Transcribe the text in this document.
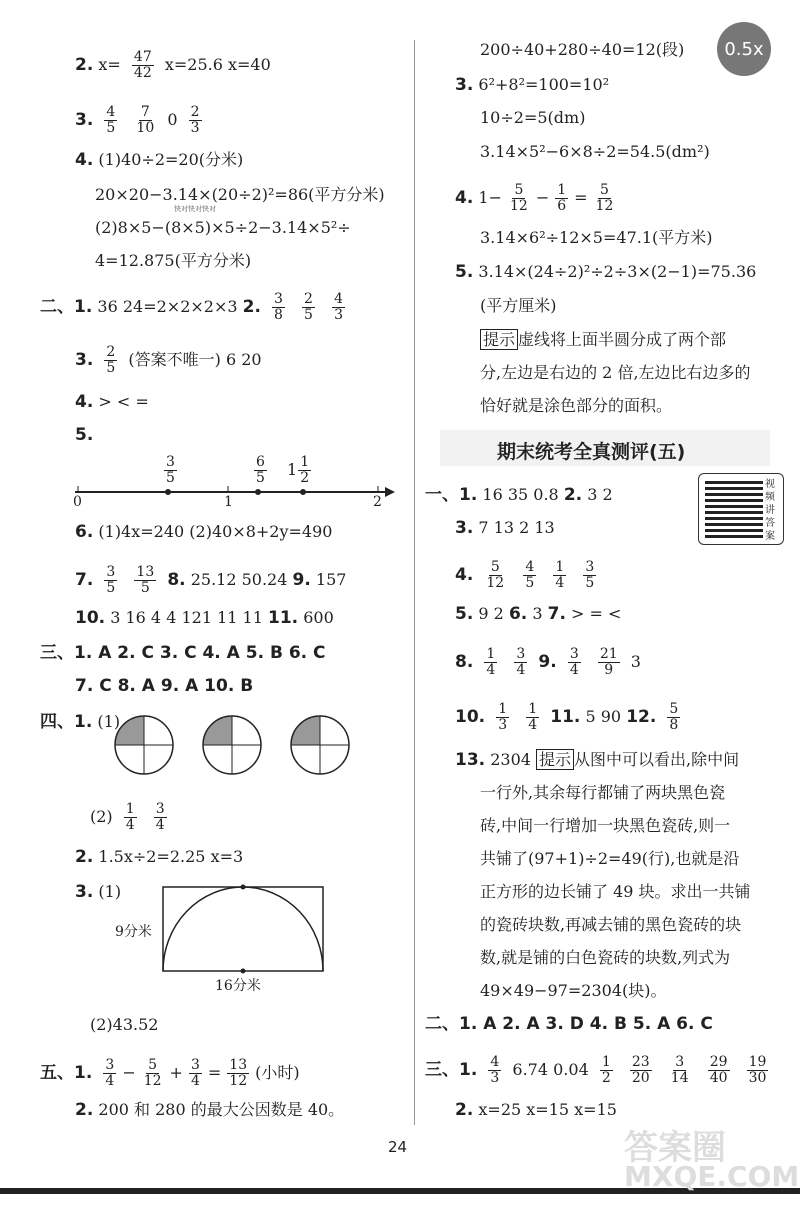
0.5x
2. $x= \frac{47}{42} x=25.6$ x=40
3. $\frac{4}{5}$
$\frac{7}{10} 0 \frac{2}{3}$
4. (1)40÷2=20(分米)
20×20−3.14×(20÷2)²=86(平方分米)
(2)8×5−(8×5)×5÷2−3.14×5²÷
4=12.875(平方分米)
快对快对快对
二、1. 36 24=2×2×2×3 2. $\frac{3}{8}$
$\frac{2}{5}$
$\frac{4}{3}$
3. $\frac{2}{5}$ (答案不唯一) 6 20
4. > < =
5.
$\frac{3}{5}$	$\frac{6}{5} 1 \frac{1}{2}$
0	1	2
6. (1)4x=240 (2)40×8+2y=490
7. $\frac{3}{5}$
$\frac{13}{5} 8$. 25.12 50.24 9. 157
10. 3 16 4 4 121 11 11 11. 600
三、1. A 2. C 3. C 4. A 5. B 6. C
7. C 8. A 9. A 10. B
四、1. (1)
$(2) \frac{1}{4}$
$\frac{3}{4}$
2. 1.5x÷2=2.25 x=3
3. (1)
9分米
16分米
(2)43.52
五、1. $\frac{3}{4} - \frac{5}{12} + \frac{3}{4} = \frac{13}{12}$ (小时)
2. 200 和 280 的最大公因数是 40。
200÷40+280÷40=12(段)
3. 6²+8²=100=10²
10÷2=5(dm)
3.14×5²−6×8÷2=54.5(dm²)
4. $1- \frac{5}{12} - \frac{1}{6} = \frac{5}{12}$
3.14×6²÷12×5=47.1(平方米)
5. 3.14×(24÷2)²÷2÷3×(2−1)=75.36
(平方厘米)
提示 虚线将上面半圆分成了两个部
分,左边是右边的 2 倍,左边比右边多的
恰好就是涂色部分的面积。
期末统考全真测评(五)
视频讲答案
一、1. 16 35 0.8 2. 3 2
3. 7 13 2 13
4. $\frac{5}{12}$
$\frac{4}{5}$
$\frac{1}{4}$
$\frac{3}{5}$
5. 9 2 6. 3 7. > = <
8. $\frac{1}{4}$
$\frac{3}{4} 9$. $\frac{3}{4}$
$\frac{21}{9} 3$
10. $\frac{1}{3}$
$\frac{1}{4} 11$. 5 90 12. $\frac{5}{8}$
13. 2304 提示 从图中可以看出,除中间
一行外,其余每行都铺了两块黑色瓷
砖,中间一行增加一块黑色瓷砖,则一
共铺了(97+1)÷2=49(行),也就是沿
正方形的边长铺了 49 块。求出一共铺
的瓷砖块数,再减去铺的黑色瓷砖的块
数,就是铺的白色瓷砖的块数,列式为
49×49−97=2304(块)。
二、1. A 2. A 3. D 4. B 5. A 6. C
三、1. $\frac{4}{3} 6.74$ $0.04 \frac{1}{2}$
$\frac{23}{20}$
$\frac{3}{14}$
$\frac{29}{40}$
$\frac{19}{30}$
2. x=25 x=15 x=15
24	答案圈
MXQE.COM
